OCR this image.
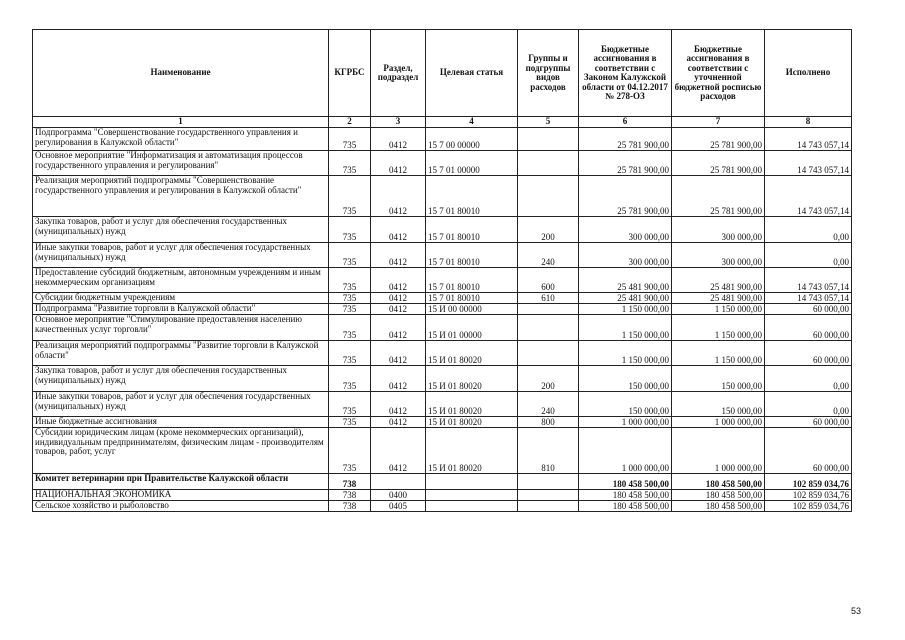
Наименование	КГРБС	Раздел, подраздел	Целевая статья	Группы и подгруппы видов расходов	Бюджетные ассигнования в соответствии с Законом Калужской области от 04.12.2017 № 278-ОЗ	Бюджетные ассигнования в соответствии с уточненной бюджетной росписью расходов	Исполнено
1	2	3	4	5	6	7	8
Подпрограмма "Совершенствование государственного управления и регулирования в Калужской области"	735	0412	15 7 00 00000		25 781 900,00	25 781 900,00	14 743 057,14
Основное мероприятие "Информатизация и автоматизация процессов государственного управления и регулирования"	735	0412	15 7 01 00000		25 781 900,00	25 781 900,00	14 743 057,14
Реализация мероприятий подпрограммы "Совершенствование государственного управления и регулирования в Калужской области"	735	0412	15 7 01 80010		25 781 900,00	25 781 900,00	14 743 057,14
Закупка товаров, работ и услуг для обеспечения государственных (муниципальных) нужд	735	0412	15 7 01 80010	200	300 000,00	300 000,00	0,00
Иные закупки товаров, работ и услуг для обеспечения государственных (муниципальных) нужд	735	0412	15 7 01 80010	240	300 000,00	300 000,00	0,00
Предоставление субсидий бюджетным, автономным учреждениям и иным некоммерческим организациям	735	0412	15 7 01 80010	600	25 481 900,00	25 481 900,00	14 743 057,14
Субсидии бюджетным учреждениям	735	0412	15 7 01 80010	610	25 481 900,00	25 481 900,00	14 743 057,14
Подпрограмма "Развитие торговли в Калужской области"	735	0412	15 И 00 00000		1 150 000,00	1 150 000,00	60 000,00
Основное мероприятие "Стимулирование предоставления населению качественных услуг торговли"	735	0412	15 И 01 00000		1 150 000,00	1 150 000,00	60 000,00
Реализация мероприятий подпрограммы "Развитие торговли в Калужской области"	735	0412	15 И 01 80020		1 150 000,00	1 150 000,00	60 000,00
Закупка товаров, работ и услуг для обеспечения государственных (муниципальных) нужд	735	0412	15 И 01 80020	200	150 000,00	150 000,00	0,00
Иные закупки товаров, работ и услуг для обеспечения государственных (муниципальных) нужд	735	0412	15 И 01 80020	240	150 000,00	150 000,00	0,00
Иные бюджетные ассигнования	735	0412	15 И 01 80020	800	1 000 000,00	1 000 000,00	60 000,00
Субсидии юридическим лицам (кроме некоммерческих организаций), индивидуальным предпринимателям, физическим лицам - производителям товаров, работ, услуг	735	0412	15 И 01 80020	810	1 000 000,00	1 000 000,00	60 000,00
Комитет ветеринарии при Правительстве Калужской области	738				180 458 500,00	180 458 500,00	102 859 034,76
НАЦИОНАЛЬНАЯ ЭКОНОМИКА	738	0400			180 458 500,00	180 458 500,00	102 859 034,76
Сельское хозяйство и рыболовство	738	0405			180 458 500,00	180 458 500,00	102 859 034,76
53
